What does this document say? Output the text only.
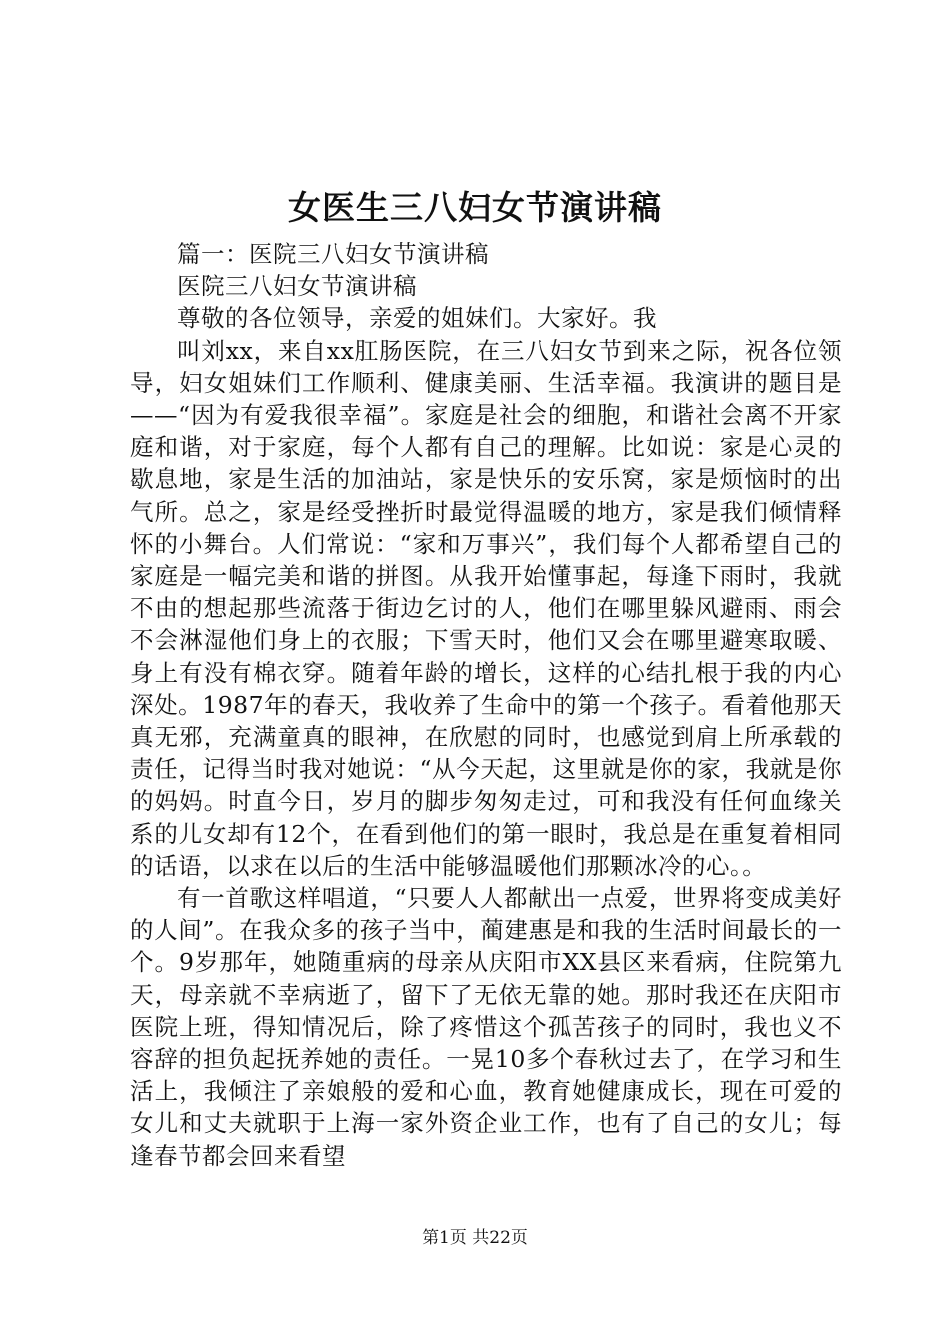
女医生三八妇女节演讲稿

篇一：医院三八妇女节演讲稿

医院三八妇女节演讲稿

尊敬的各位领导，亲爱的姐妹们。大家好。我

叫刘xx，来自xx肛肠医院，在三八妇女节到来之际，祝各位领导，妇女姐妹们工作顺利、健康美丽、生活幸福。我演讲的题目是——“因为有爱我很幸福”。家庭是社会的细胞，和谐社会离不开家庭和谐，对于家庭，每个人都有自己的理解。比如说：家是心灵的歇息地，家是生活的加油站，家是快乐的安乐窝，家是烦恼时的出气所。总之，家是经受挫折时最觉得温暖的地方，家是我们倾情释怀的小舞台。人们常说：“家和万事兴”，我们每个人都希望自己的家庭是一幅完美和谐的拼图。从我开始懂事起，每逢下雨时，我就不由的想起那些流落于街边乞讨的人，他们在哪里躲风避雨、雨会不会淋湿他们身上的衣服；下雪天时，他们又会在哪里避寒取暖、身上有没有棉衣穿。随着年龄的增长，这样的心结扎根于我的内心深处。1987年的春天，我收养了生命中的第一个孩子。看着他那天真无邪，充满童真的眼神，在欣慰的同时，也感觉到肩上所承载的责任，记得当时我对她说：“从今天起，这里就是你的家，我就是你的妈妈。时直今日，岁月的脚步匆匆走过，可和我没有任何血缘关系的儿女却有12个，在看到他们的第一眼时，我总是在重复着相同的话语，以求在以后的生活中能够温暖他们那颗冰冷的心。。

有一首歌这样唱道，“只要人人都献出一点爱，世界将变成美好的人间”。在我众多的孩子当中，蔺建惠是和我的生活时间最长的一个。9岁那年，她随重病的母亲从庆阳市XX县区来看病，住院第九天，母亲就不幸病逝了，留下了无依无靠的她。那时我还在庆阳市医院上班，得知情况后，除了疼惜这个孤苦孩子的同时，我也义不容辞的担负起抚养她的责任。一晃10多个春秋过去了，在学习和生活上，我倾注了亲娘般的爱和心血，教育她健康成长，现在可爱的女儿和丈夫就职于上海一家外资企业工作，也有了自己的女儿；每逢春节都会回来看望

第1页 共22页
